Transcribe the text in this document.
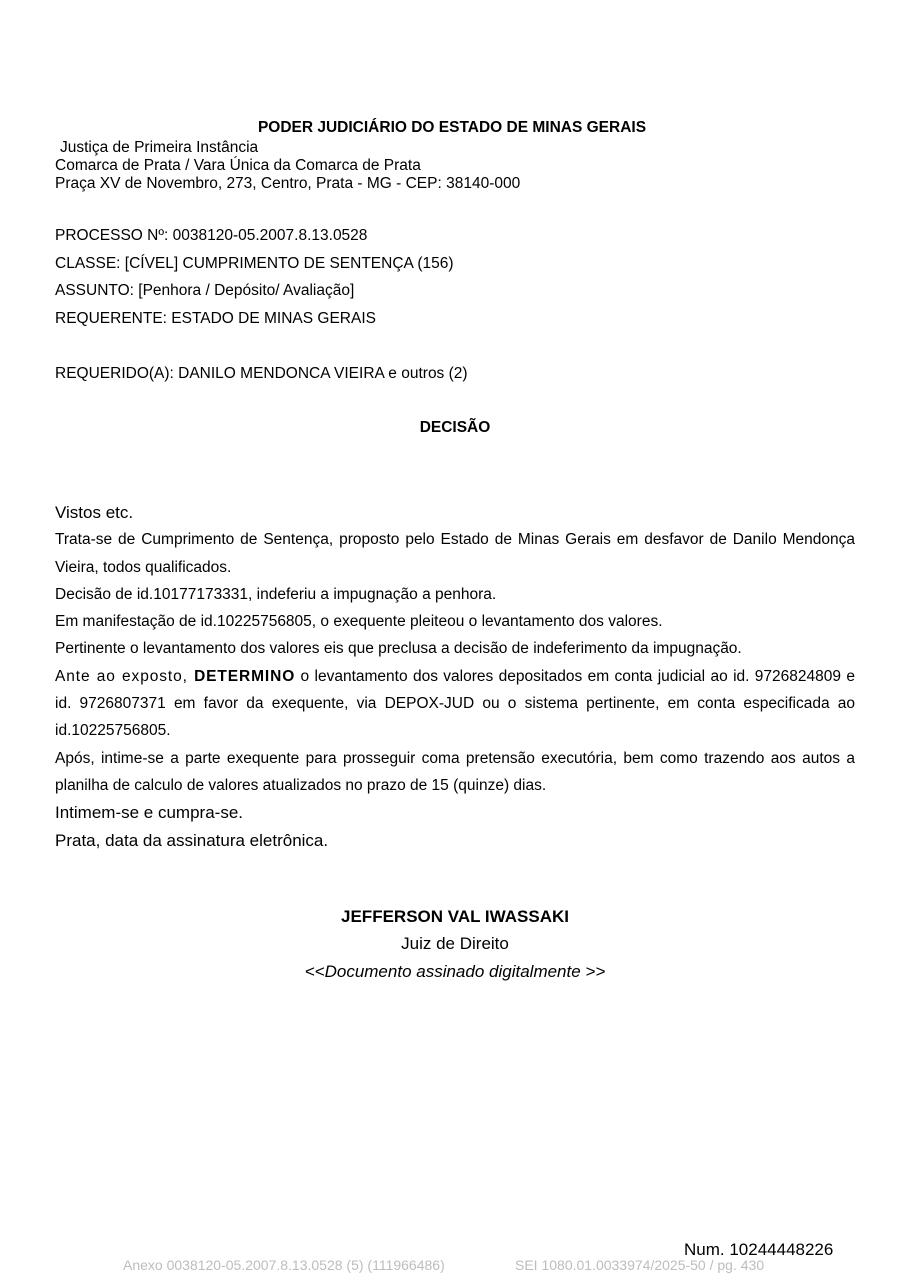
PODER JUDICIÁRIO DO ESTADO DE MINAS GERAIS
Justiça de Primeira Instância
Comarca de Prata / Vara Única da Comarca de Prata
Praça XV de Novembro, 273, Centro, Prata - MG - CEP: 38140-000
PROCESSO Nº: 0038120-05.2007.8.13.0528
CLASSE: [CÍVEL] CUMPRIMENTO DE SENTENÇA (156)
ASSUNTO: [Penhora / Depósito/ Avaliação]
REQUERENTE: ESTADO DE MINAS GERAIS
REQUERIDO(A): DANILO MENDONCA VIEIRA e outros (2)
DECISÃO

Vistos etc.

Trata-se de Cumprimento de Sentença, proposto pelo Estado de Minas Gerais em desfavor de Danilo Mendonça Vieira, todos qualificados.

Decisão de id.10177173331, indeferiu a impugnação a penhora.

Em manifestação de id.10225756805, o exequente pleiteou o levantamento dos valores.

Pertinente o levantamento dos valores eis que preclusa a decisão de indeferimento da impugnação.

Ante ao exposto, DETERMINO o levantamento dos valores depositados em conta judicial ao id. 9726824809 e id. 9726807371 em favor da exequente, via DEPOX-JUD ou o sistema pertinente, em conta especificada ao id.10225756805.

Após, intime-se a parte exequente para prosseguir coma pretensão executória, bem como trazendo aos autos a planilha de calculo de valores atualizados no prazo de 15 (quinze) dias.

Intimem-se e cumpra-se.

Prata, data da assinatura eletrônica.

JEFFERSON VAL IWASSAKI
Juiz de Direito
<<Documento assinado digitalmente >>
Num. 10244448226
Anexo 0038120-05.2007.8.13.0528 (5) (111966486)	SEI 1080.01.0033974/2025-50 / pg. 430
